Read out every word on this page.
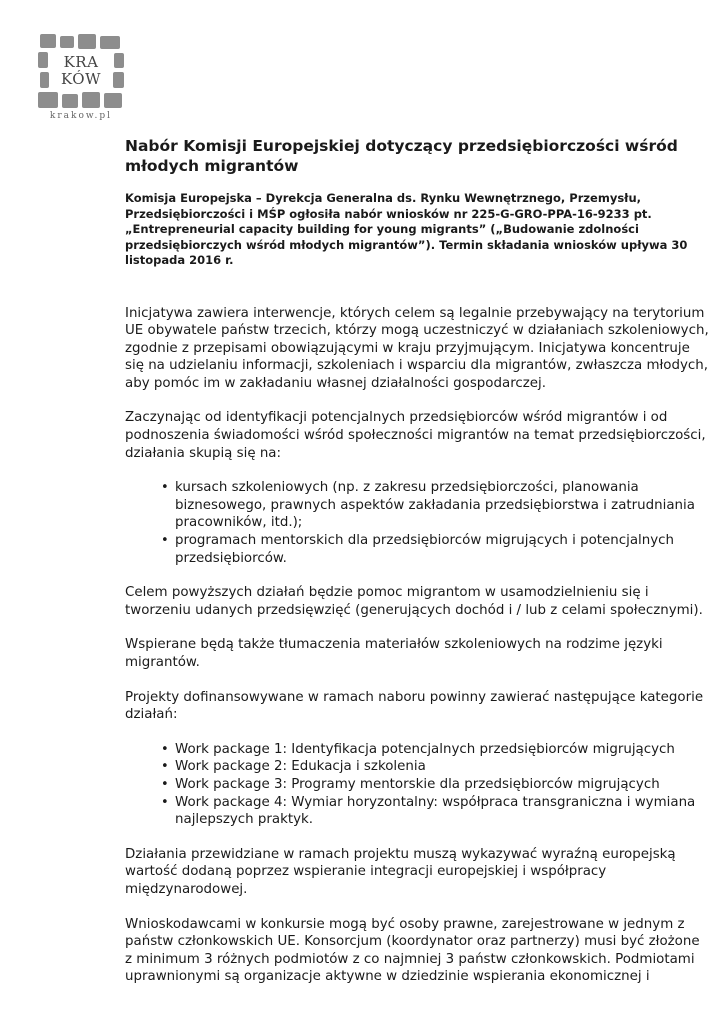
KRA
KÓW
krakow.pl
Nabór Komisji Europejskiej dotyczący przedsiębiorczości wśród młodych migrantów

Komisja Europejska – Dyrekcja Generalna ds. Rynku Wewnętrznego, Przemysłu, Przedsiębiorczości i MŚP ogłosiła nabór wniosków nr 225-G-GRO-PPA-16-9233 pt. „Entrepreneurial capacity building for young migrants” („Budowanie zdolności przedsiębiorczych wśród młodych migrantów”). Termin składania wniosków upływa 30 listopada 2016 r.

Inicjatywa zawiera interwencje, których celem są legalnie przebywający na terytorium UE obywatele państw trzecich, którzy mogą uczestniczyć w działaniach szkoleniowych, zgodnie z przepisami obowiązującymi w kraju przyjmującym. Inicjatywa koncentruje się na udzielaniu informacji, szkoleniach i wsparciu dla migrantów, zwłaszcza młodych, aby pomóc im w zakładaniu własnej działalności gospodarczej.

Zaczynając od identyfikacji potencjalnych przedsiębiorców wśród migrantów i od podnoszenia świadomości wśród społeczności migrantów na temat przedsiębiorczości, działania skupią się na:

• kursach szkoleniowych (np. z zakresu przedsiębiorczości, planowania biznesowego, prawnych aspektów zakładania przedsiębiorstwa i zatrudniania pracowników, itd.);
• programach mentorskich dla przedsiębiorców migrujących i potencjalnych przedsiębiorców.

Celem powyższych działań będzie pomoc migrantom w usamodzielnieniu się i tworzeniu udanych przedsięwzięć (generujących dochód i / lub z celami społecznymi).

Wspierane będą także tłumaczenia materiałów szkoleniowych na rodzime języki migrantów.

Projekty dofinansowywane w ramach naboru powinny zawierać następujące kategorie działań:

• Work package 1: Identyfikacja potencjalnych przedsiębiorców migrujących
• Work package 2: Edukacja i szkolenia
• Work package 3: Programy mentorskie dla przedsiębiorców migrujących
• Work package 4: Wymiar horyzontalny: współpraca transgraniczna i wymiana najlepszych praktyk.

Działania przewidziane w ramach projektu muszą wykazywać wyraźną europejską wartość dodaną poprzez wspieranie integracji europejskiej i współpracy międzynarodowej.

Wnioskodawcami w konkursie mogą być osoby prawne, zarejestrowane w jednym z państw członkowskich UE. Konsorcjum (koordynator oraz partnerzy) musi być złożone z minimum 3 różnych podmiotów z co najmniej 3 państw członkowskich. Podmiotami uprawnionymi są organizacje aktywne w dziedzinie wspierania ekonomicznej i
